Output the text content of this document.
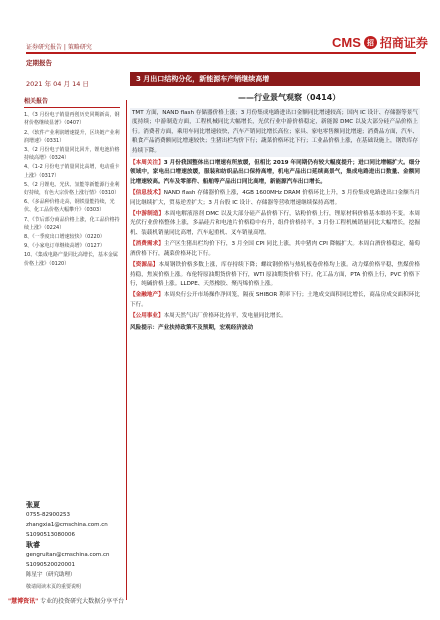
证券研究报告 | 策略研究	CMS 招 招商证券
定期报告
2021 年 04 月 14 日
3 月出口结构分化，新能源车产销继续高增
——行业景气观察（0414）
相关报告
1、《3 月份电子销量再创历史同期新高，钢材价格继续显著》（0407）
2、《软件产业利润增速提升，区块链产业利润增速》（0331）
3、《2 月份电子销量同比回升，锂电池价格持续高增》（0324）
4、《1-2 月份电子销量同比高增，电动重卡上涨》（0317）
5、《2 月锂电、光伏、氢能等新能源行业利好持续，有色大宗价格上涨行情》（0310）
6、《多品种价格走高，钢铁量能持续，光伏、化工品价格大幅攀升》（0303）
7、《节后部分商品价格上涨，化工品价格持续上涨》（0224）
8、《一季度出口增速较快》（0220）
9、《小家电订单继续高增》（0127）
10、《集成电路产量同比高增长，基本金属价格上涨》（0120）
张夏
0755-82900253
zhangxia1@cmschina.com.cn
S1090513080006
耿睿
gengruitan@cmschina.com.cn
S1090520020001
陈星宇（研究助理）

TMT 方面，NAND flash 存储器价格上涨；3 月份集成电路进出口金额同比增速较高；国内 IC 设计、存储器等景气度持续；中游制造方面，工程机械同比大幅增长，光伏行业中游价格稳定，新能源 DMC 以及大部分硅产品价格上行。消费者方面，乘用车同比增速较快，汽车产销同比增长高位；家具、家电零售额同比增速；消费品方面，汽车、粮食产品消费额同比增速较快；生猪出栏均价下行；蔬菜价格环比下行；工业品价格上涨，在基础设施上，钢铁库存持续下降。

【本周关注】3 月份我国整体出口增速有所放缓，但相比 2019 年同期仍有较大幅度提升；进口同比增幅扩大。细分领域中，家电出口增速放缓，服装和纺织品出口保持高增，机电产品出口延续高景气，集成电路进出口数量、金额同比增速较高。汽车及零部件、船舶等产品出口同比高增，新能源汽车出口增长。

【信息技术】NAND flash 存储器价格上涨，4GB 1600MHz DRAM 价格环比上升，3 月份集成电路进出口金额当月同比继续扩大，贸易逆差扩大；3 月台股 IC 设计、存储器等营收增速继续保持高增。

【中游制造】本周电解液溶剂 DMC 以及大部分硅产品价格下行，钴粉价格上行，锂原材料价格基本维持不变。本周光伏行业价格整体上涨，多晶硅片和电池片价格稳中有升，组件价格持平。3 月份工程机械销量同比大幅增长，挖掘机、装载机销量同比高增，汽车起重机、叉车销量高增。

【消费需求】主产区生猪出栏均价下行，3 月全国 CPI 同比上涨，其中猪肉 CPI 降幅扩大。本周白酒价格稳定，葡萄酒价格下行，蔬菜价格环比下行。

【资源品】本周钢铁价格多数上涨，库存持续下降；螺纹钢价格与热轧板卷价格均上涨。动力煤价格平稳，焦煤价格持稳，焦炭价格上涨。布伦特原油期货价格下行，WTI 原油期货价格下行。化工品方面，PTA 价格上行，PVC 价格下行，纯碱价格上涨。LLDPE、天然橡胶、聚丙烯价格上涨。

【金融地产】本周央行公开市场操作净回笼，隔夜 SHIBOR 利率下行；土地成交面积同比增长，商品房成交面积环比下行。

【公用事业】本周天然气出厂价格环比持平，发电量同比增长。

风险提示：产业扶持政策不及预期，宏观经济波动

敬请阅读末页的重要说明
"慧博资讯" 专业的投资研究大数据分享平台
